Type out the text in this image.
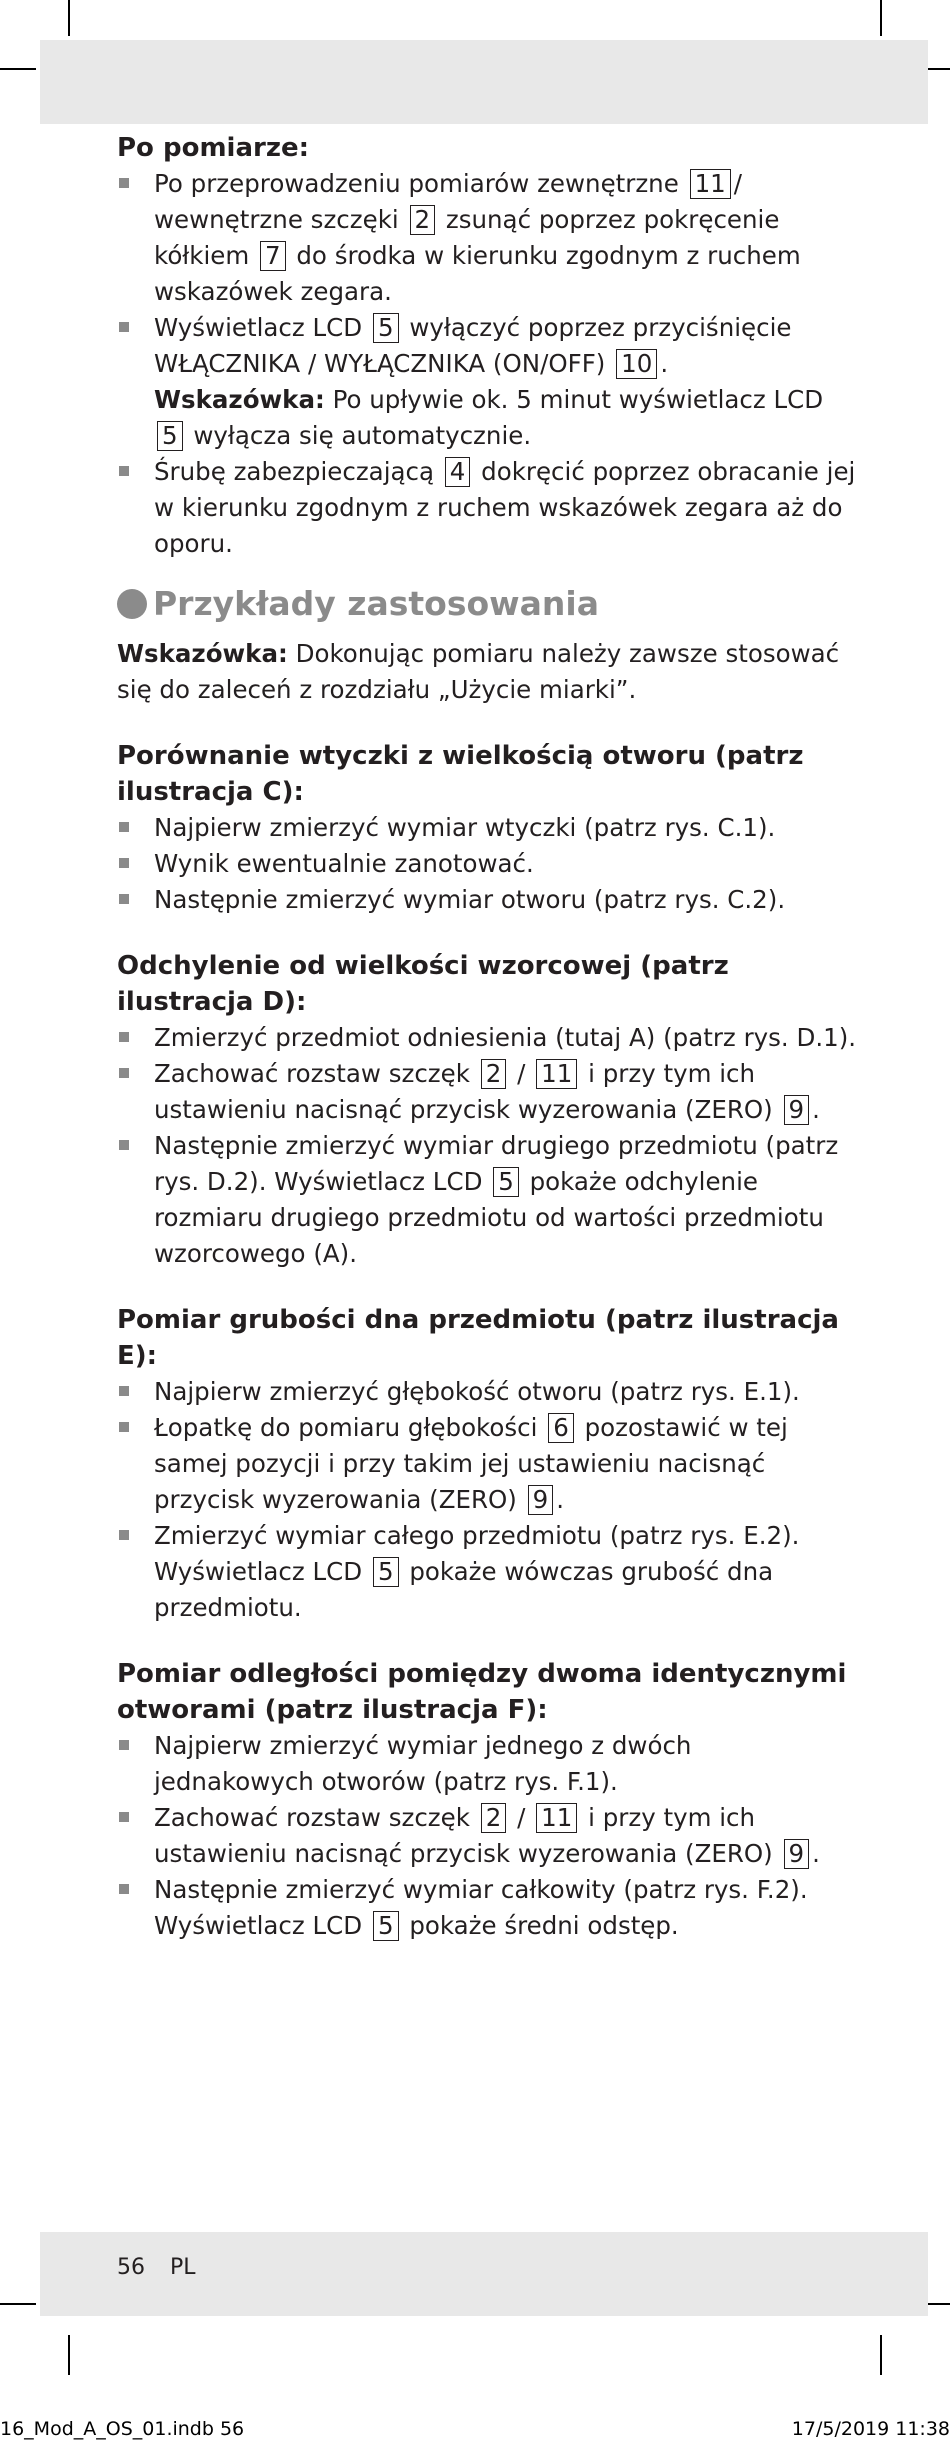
Po pomiarze:

Po przeprowadzeniu pomiarów zewnętrzne 11 / wewnętrzne szczęki 2 zsunąć poprzez pokręcenie kółkiem 7 do środka w kierunku zgodnym z ruchem wskazówek zegara.
Wyświetlacz LCD 5 wyłączyć poprzez przyciśnięcie WŁĄCZNIKA / WYŁĄCZNIKA (ON/OFF) 10 .
Wskazówka: Po upływie ok. 5 minut wyświetlacz LCD 5 wyłącza się automatycznie.
Śrubę zabezpieczającą 4 dokręcić poprzez obracanie jej w kierunku zgodnym z ruchem wskazówek zegara aż do oporu.
Przykłady zastosowania

Wskazówka: Dokonując pomiaru należy zawsze stosować się do zaleceń z rozdziału „Użycie miarki”.

Porównanie wtyczki z wielkością otworu (patrz ilustracja C):

Najpierw zmierzyć wymiar wtyczki (patrz rys. C.1).
Wynik ewentualnie zanotować.
Następnie zmierzyć wymiar otworu (patrz rys. C.2).

Odchylenie od wielkości wzorcowej (patrz ilustracja D):

Zmierzyć przedmiot odniesienia (tutaj A) (patrz rys. D.1).
Zachować rozstaw szczęk 2 / 11 i przy tym ich ustawieniu nacisnąć przycisk wyzerowania (ZERO) 9 .
Następnie zmierzyć wymiar drugiego przedmiotu (patrz rys. D.2). Wyświetlacz LCD 5 pokaże odchylenie rozmiaru drugiego przedmiotu od wartości przedmiotu wzorcowego (A).

Pomiar grubości dna przedmiotu (patrz ilustracja E):

Najpierw zmierzyć głębokość otworu (patrz rys. E.1).
Łopatkę do pomiaru głębokości 6 pozostawić w tej samej pozycji i przy takim jej ustawieniu nacisnąć przycisk wyzerowania (ZERO) 9 .
Zmierzyć wymiar całego przedmiotu (patrz rys. E.2). Wyświetlacz LCD 5 pokaże wówczas grubość dna przedmiotu.

Pomiar odległości pomiędzy dwoma identycznymi otworami (patrz ilustracja F):

Najpierw zmierzyć wymiar jednego z dwóch jednakowych otworów (patrz rys. F.1).
Zachować rozstaw szczęk 2 / 11 i przy tym ich ustawieniu nacisnąć przycisk wyzerowania (ZERO) 9 .
Następnie zmierzyć wymiar całkowity (patrz rys. F.2). Wyświetlacz LCD 5 pokaże średni odstęp.
56 PL
16_Mod_A_OS_01.indb 56	17/5/2019 11:38
